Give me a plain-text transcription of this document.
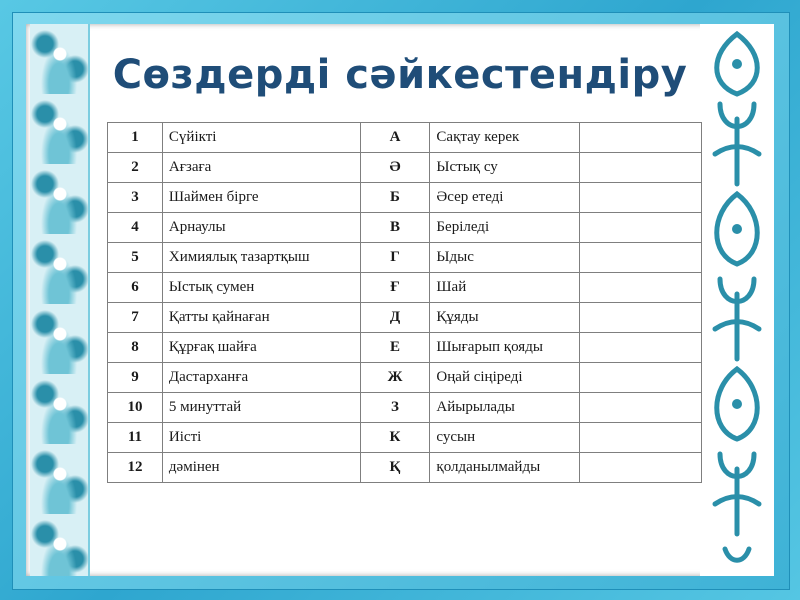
Сөздерді сәйкестендіру
1	Сүйікті	А	Сақтау керек	
2	Ағзаға	Ә	Ыстық су	
3	Шаймен бірге	Б	Әсер етеді	
4	Арнаулы	В	Беріледі	
5	Химиялық тазартқыш	Г	Ыдыс	
6	Ыстық сумен	Ғ	Шай	
7	Қатты қайнаған	Д	Құяды	
8	Құрғақ шайға	Е	Шығарып қояды	
9	Дастарханға	Ж	Оңай сіңіреді	
10	5 минуттай	З	Айырылады	
11	Иісті	К	сусын	
12	дәмінен	Қ	қолданылмайды	
